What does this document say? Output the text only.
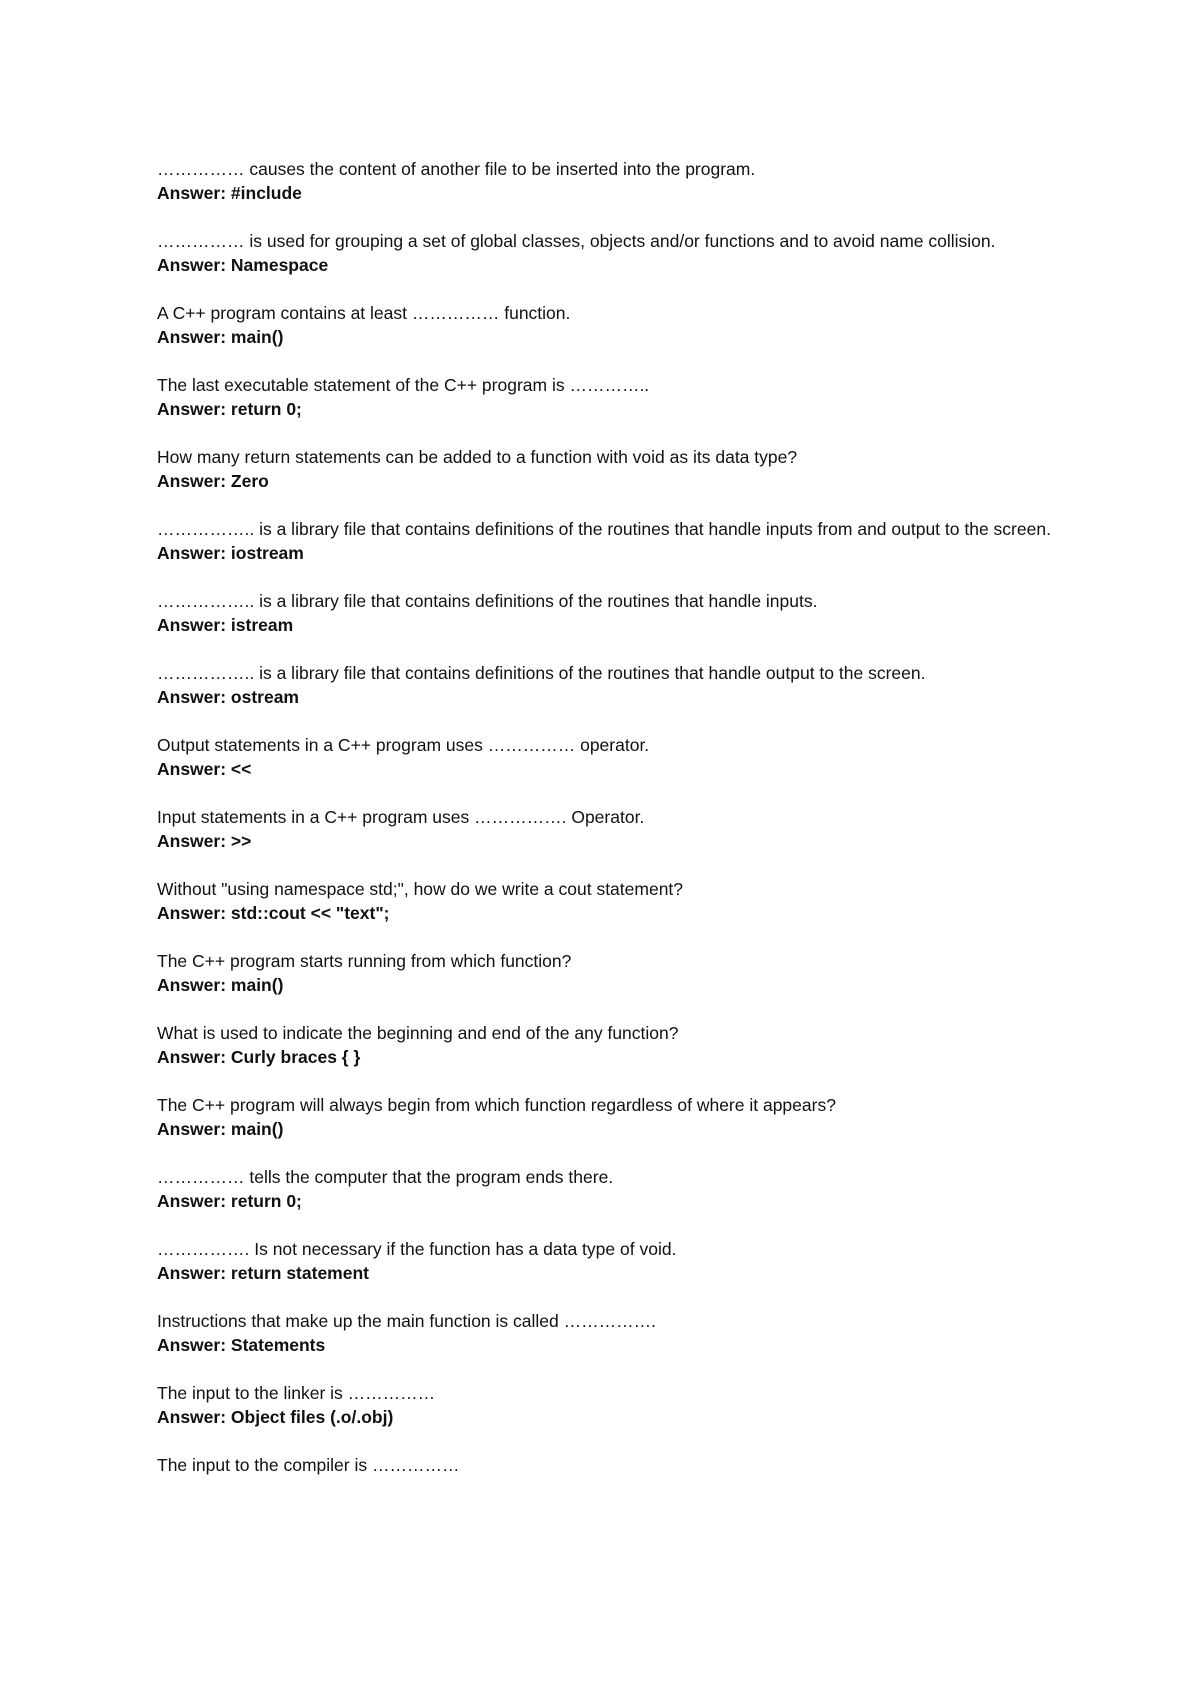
…………… causes the content of another file to be inserted into the program.

Answer: #include

…………… is used for grouping a set of global classes, objects and/or functions and to avoid name collision.

Answer: Namespace

A C++ program contains at least …………… function.

Answer: main()

The last executable statement of the C++ program is …………..

Answer: return 0;

How many return statements can be added to a function with void as its data type?

Answer: Zero

…………….. is a library file that contains definitions of the routines that handle inputs from and output to the screen.

Answer: iostream

…………….. is a library file that contains definitions of the routines that handle inputs.

Answer: istream

…………….. is a library file that contains definitions of the routines that handle output to the screen.

Answer: ostream

Output statements in a C++ program uses …………… operator.

Answer: <<

Input statements in a C++ program uses ……………. Operator.

Answer: >>

Without "using namespace std;", how do we write a cout statement?

Answer: std::cout << "text";

The C++ program starts running from which function?

Answer: main()

What is used to indicate the beginning and end of the any function?

Answer: Curly braces { }

The C++ program will always begin from which function regardless of where it appears?

Answer: main()

…………… tells the computer that the program ends there.

Answer: return 0;

……………. Is not necessary if the function has a data type of void.

Answer: return statement

Instructions that make up the main function is called …………….

Answer: Statements

The input to the linker is ……………

Answer: Object files (.o/.obj)

The input to the compiler is ……………
